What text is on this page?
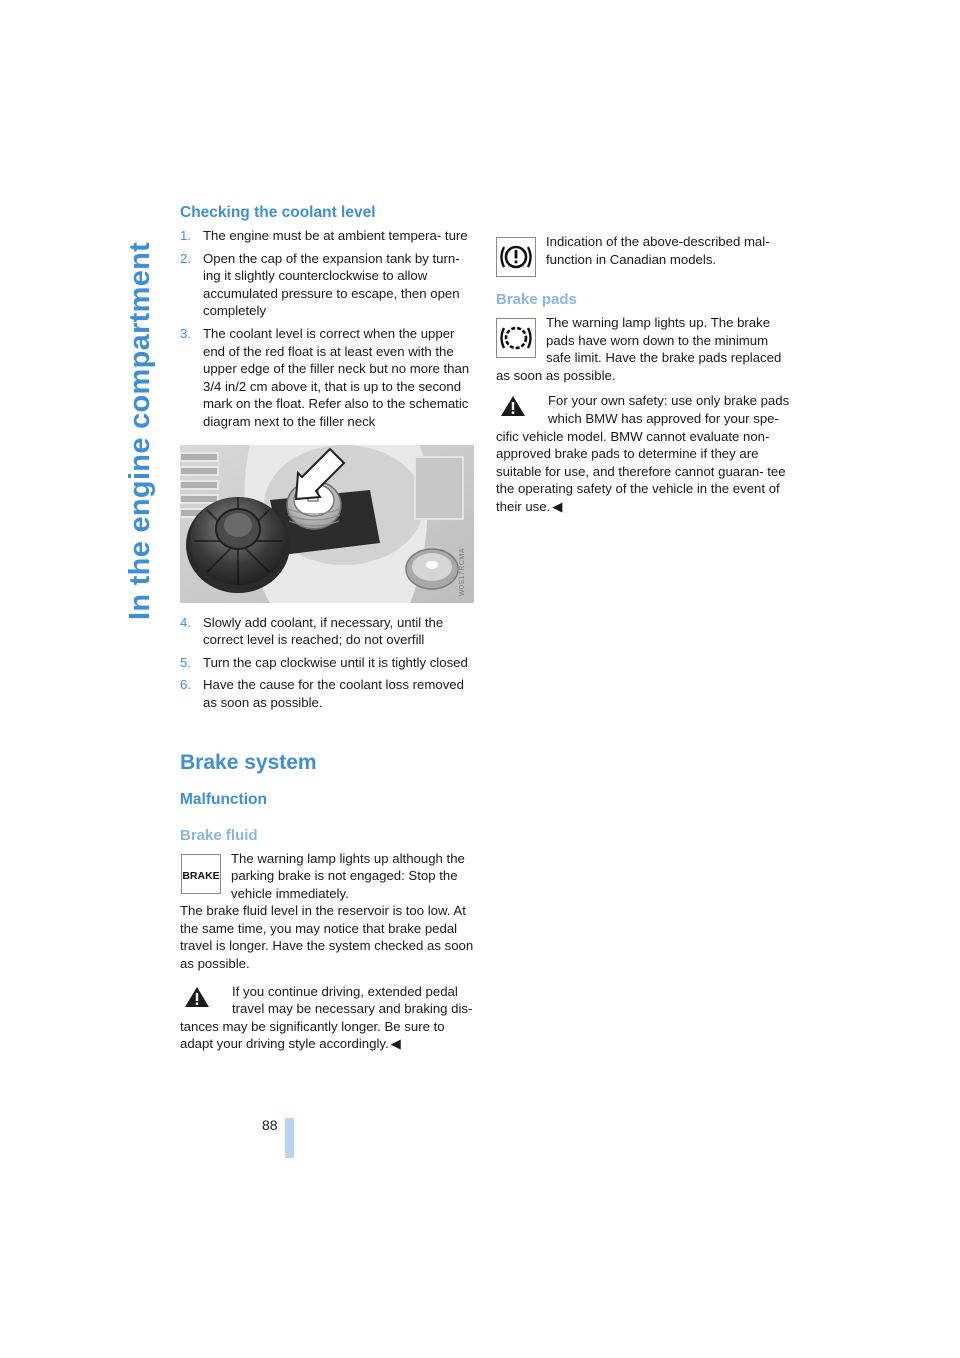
In the engine compartment
Checking the coolant level
1. The engine must be at ambient tempera- ture
2. Open the cap of the expansion tank by turn- ing it slightly counterclockwise to allow accumulated pressure to escape, then open completely
3. The coolant level is correct when the upper end of the red float is at least even with the upper edge of the filler neck but no more than 3/4 in/2 cm above it, that is up to the second mark on the float. Refer also to the schematic diagram next to the filler neck
W0S17RCMA
4. Slowly add coolant, if necessary, until the correct level is reached; do not overfill
5. Turn the cap clockwise until it is tightly closed
6. Have the cause for the coolant loss removed as soon as possible.
Brake system
Malfunction
Brake fluid
BRAKE

The warning lamp lights up although the parking brake is not engaged: Stop the vehicle immediately.

The brake fluid level in the reservoir is too low. At the same time, you may notice that brake pedal travel is longer. Have the system checked as soon as possible.

If you continue driving, extended pedal travel may be necessary and braking dis- tances may be significantly longer. Be sure to adapt your driving style accordingly. ◀

Indication of the above-described mal- function in Canadian models.

Brake pads

The warning lamp lights up. The brake pads have worn down to the minimum safe limit. Have the brake pads replaced as soon as possible.

For your own safety: use only brake pads which BMW has approved for your spe- cific vehicle model. BMW cannot evaluate non- approved brake pads to determine if they are suitable for use, and therefore cannot guaran- tee the operating safety of the vehicle in the event of their use. ◀

88
